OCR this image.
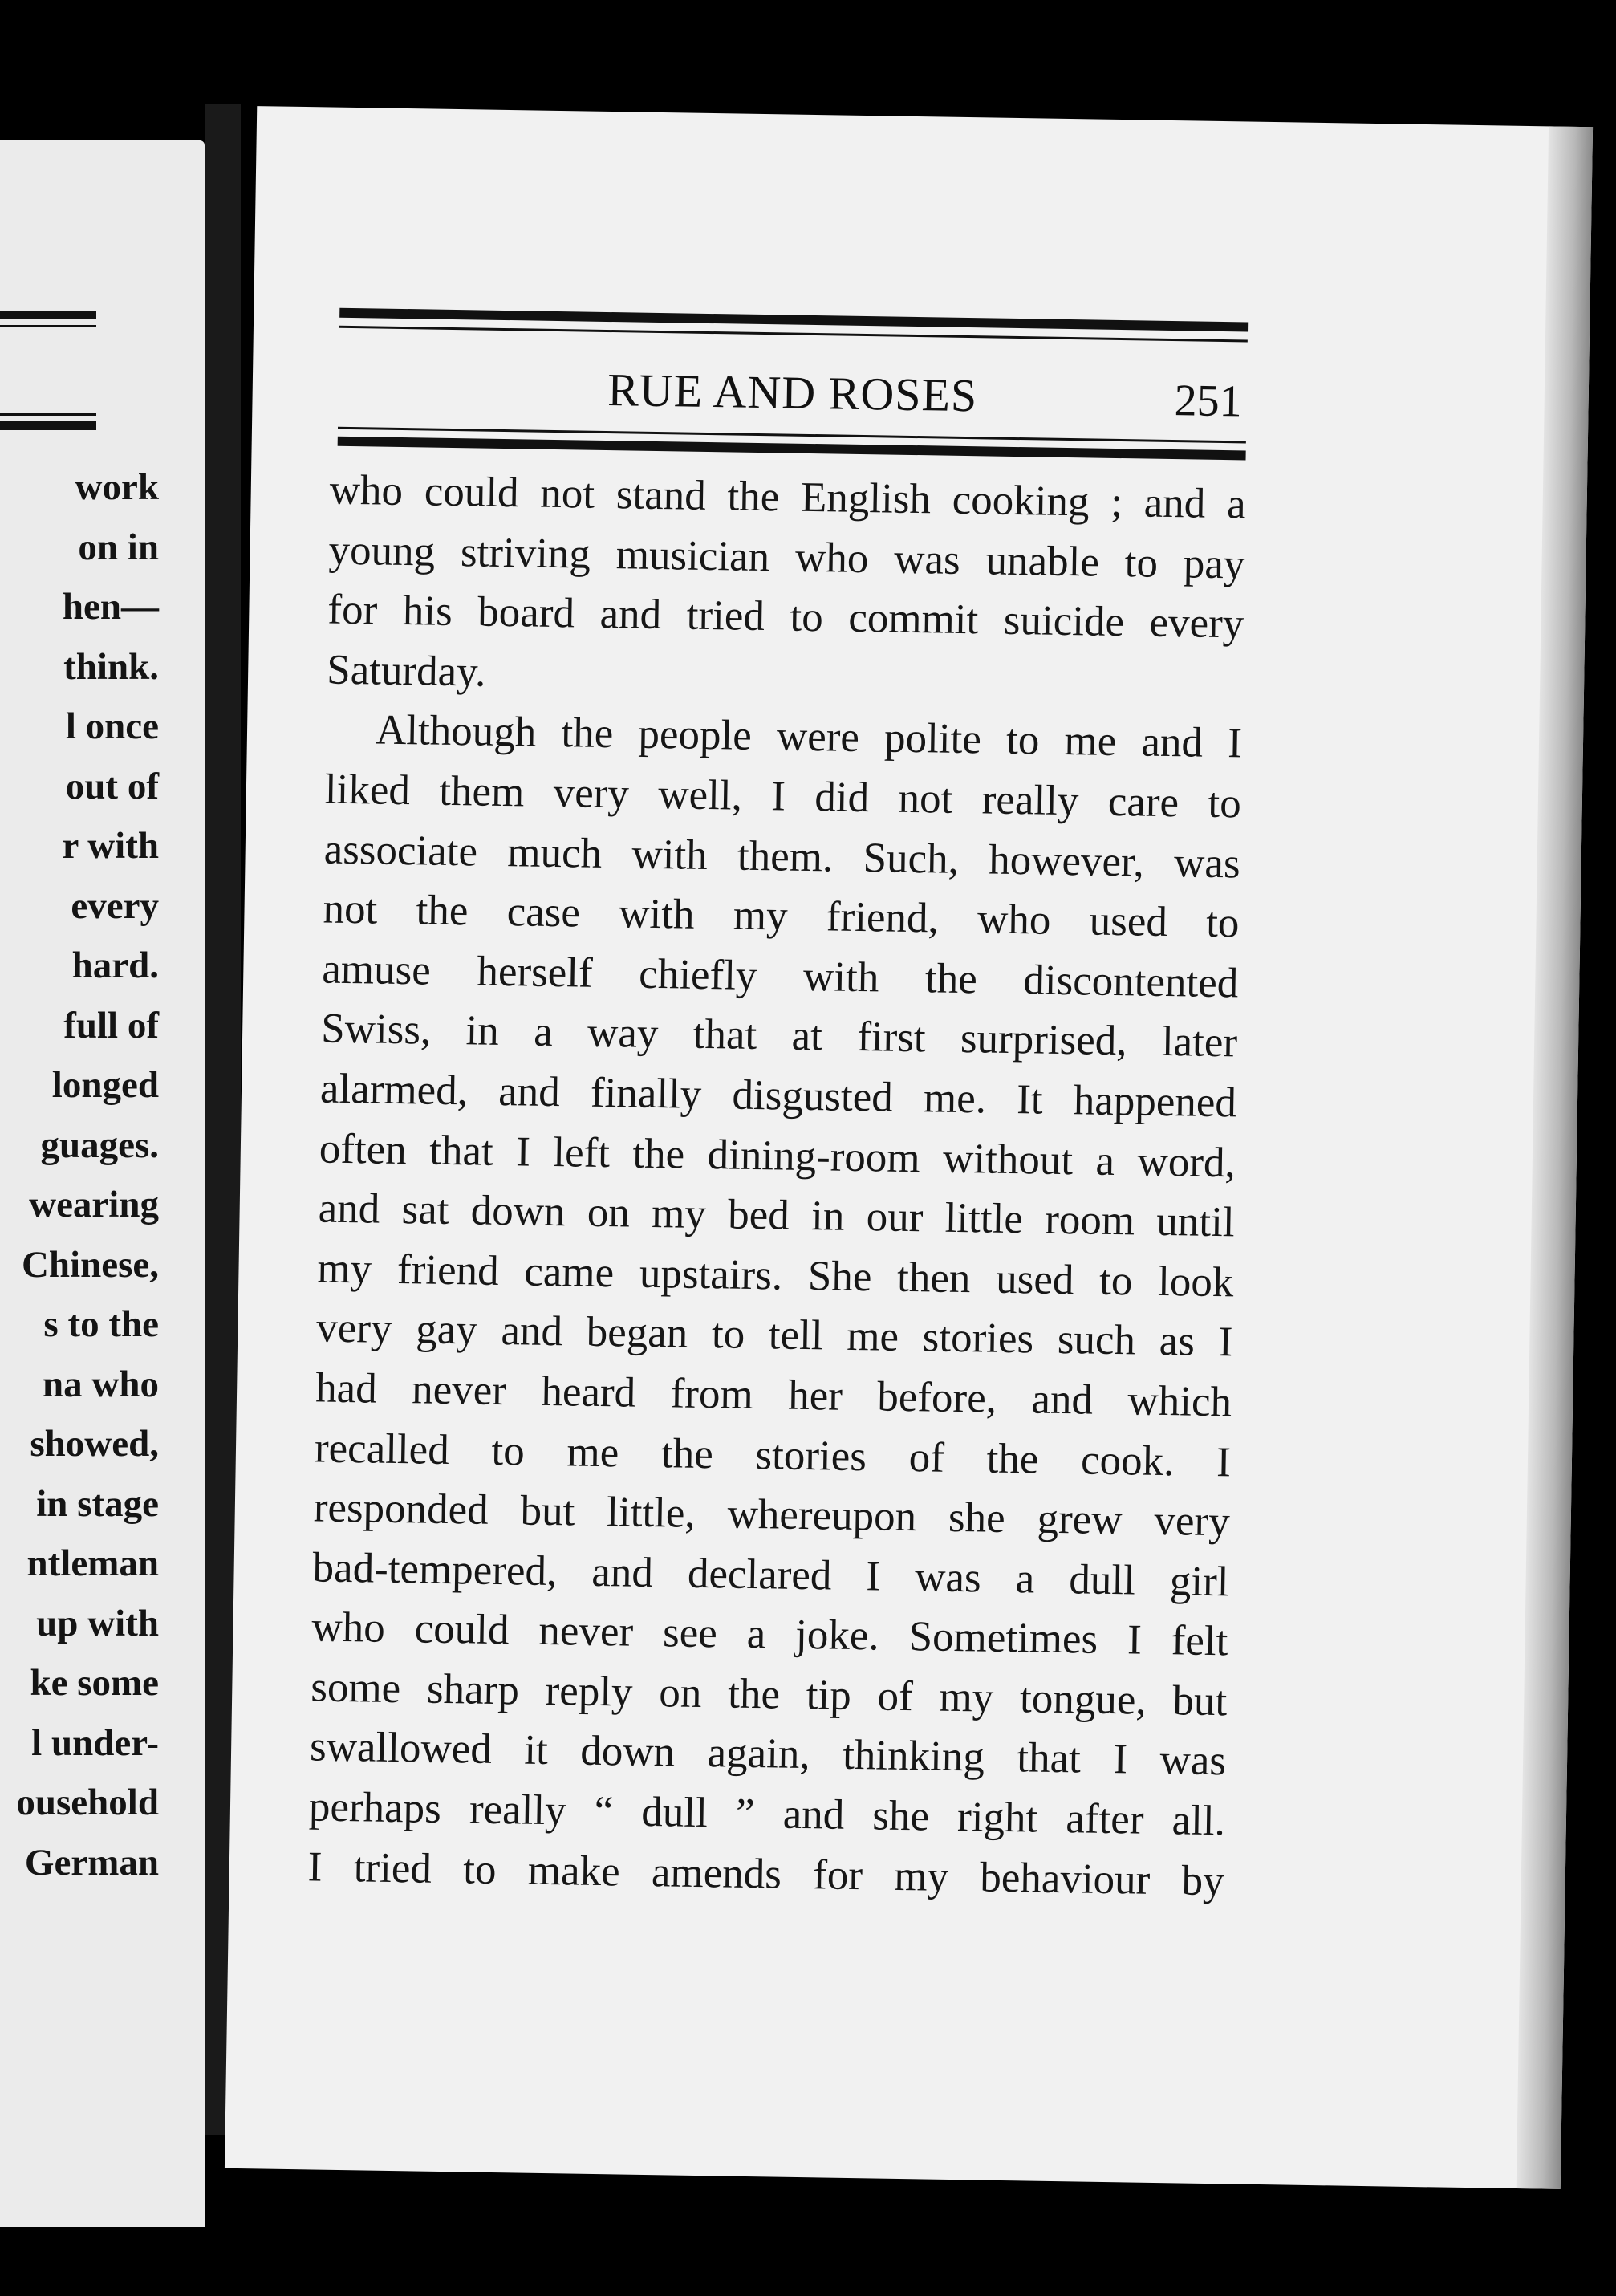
work
on in
hen—
think.
l once
out of
r with
every
hard.
full of
longed
guages.
wearing
Chinese,
s to the
na who
showed,
in stage
ntleman
up with
ke some
l under-
ousehold
German
RUE AND ROSES	251
who could not stand the English cooking ; and a
young striving musician who was unable to pay
for his board and tried to commit suicide every
Saturday.
Although the people were polite to me and I
liked them very well, I did not really care to
associate much with them. Such, however, was
not the case with my friend, who used to
amuse herself chiefly with the discontented
Swiss, in a way that at first surprised, later
alarmed, and finally disgusted me. It happened
often that I left the dining-room without a word,
and sat down on my bed in our little room until
my friend came upstairs. She then used to look
very gay and began to tell me stories such as I
had never heard from her before, and which
recalled to me the stories of the cook. I
responded but little, whereupon she grew very
bad-tempered, and declared I was a dull girl
who could never see a joke. Sometimes I felt
some sharp reply on the tip of my tongue, but
swallowed it down again, thinking that I was
perhaps really “ dull ” and she right after all.
I tried to make amends for my behaviour by
